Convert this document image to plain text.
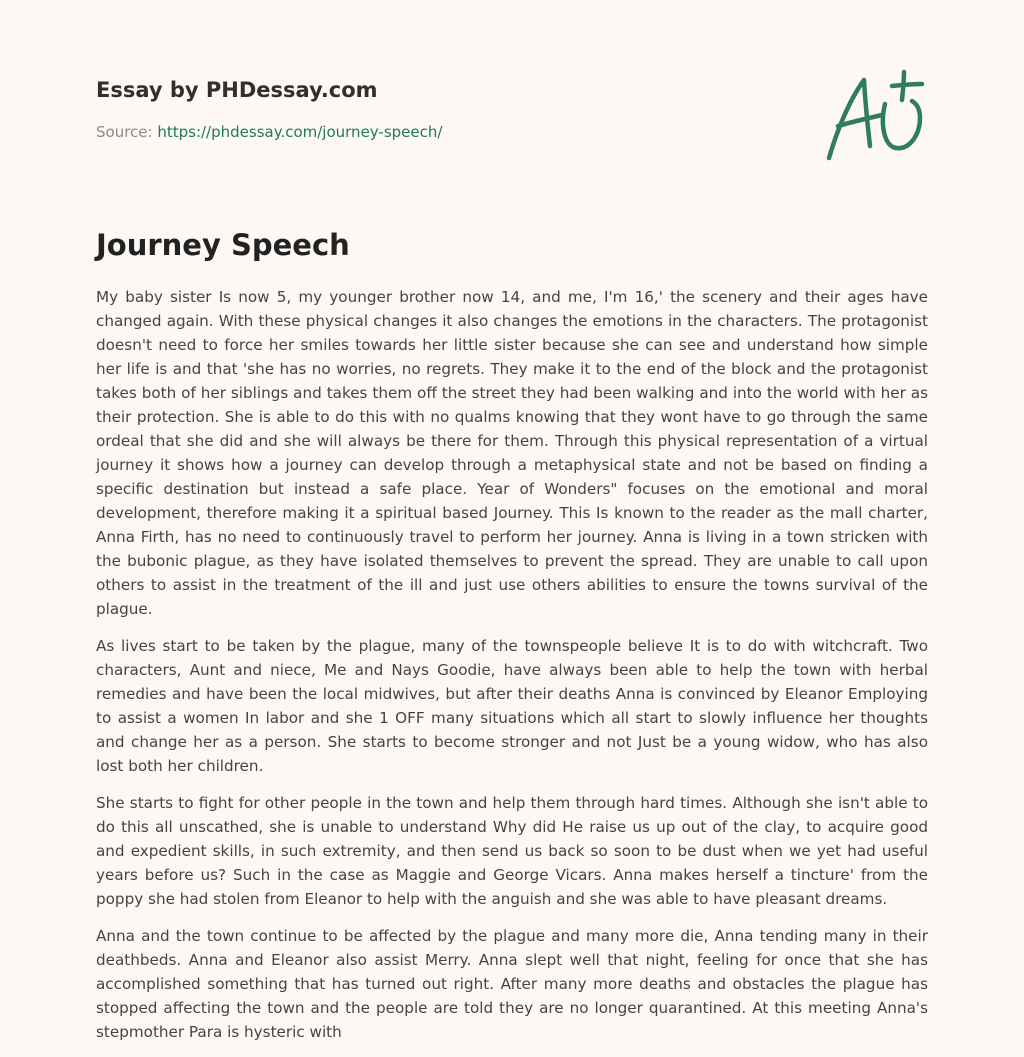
Essay by PHDessay.com
Source: https://phdessay.com/journey-speech/
Journey Speech

My baby sister Is now 5, my younger brother now 14, and me, I'm 16,' the scenery and their ages have changed again. With these physical changes it also changes the emotions in the characters. The protagonist doesn't need to force her smiles towards her little sister because she can see and understand how simple her life is and that 'she has no worries, no regrets. They make it to the end of the block and the protagonist takes both of her siblings and takes them off the street they had been walking and into the world with her as their protection. She is able to do this with no qualms knowing that they wont have to go through the same ordeal that she did and she will always be there for them. Through this physical representation of a virtual journey it shows how a journey can develop through a metaphysical state and not be based on finding a specific destination but instead a safe place. Year of Wonders" focuses on the emotional and moral development, therefore making it a spiritual based Journey. This Is known to the reader as the mall charter, Anna Firth, has no need to continuously travel to perform her journey. Anna is living in a town stricken with the bubonic plague, as they have isolated themselves to prevent the spread. They are unable to call upon others to assist in the treatment of the ill and just use others abilities to ensure the towns survival of the plague.

As lives start to be taken by the plague, many of the townspeople believe It is to do with witchcraft. Two characters, Aunt and niece, Me and Nays Goodie, have always been able to help the town with herbal remedies and have been the local midwives, but after their deaths Anna is convinced by Eleanor Employing to assist a women In labor and she 1 OFF many situations which all start to slowly influence her thoughts and change her as a person. She starts to become stronger and not Just be a young widow, who has also lost both her children.

She starts to fight for other people in the town and help them through hard times. Although she isn't able to do this all unscathed, she is unable to understand Why did He raise us up out of the clay, to acquire good and expedient skills, in such extremity, and then send us back so soon to be dust when we yet had useful years before us? Such in the case as Maggie and George Vicars. Anna makes herself a tincture' from the poppy she had stolen from Eleanor to help with the anguish and she was able to have pleasant dreams.

Anna and the town continue to be affected by the plague and many more die, Anna tending many in their deathbeds. Anna and Eleanor also assist Merry. Anna slept well that night, feeling for once that she has accomplished something that has turned out right. After many more deaths and obstacles the plague has stopped affecting the town and the people are told they are no longer quarantined. At this meeting Anna's stepmother Para is hysteric with
